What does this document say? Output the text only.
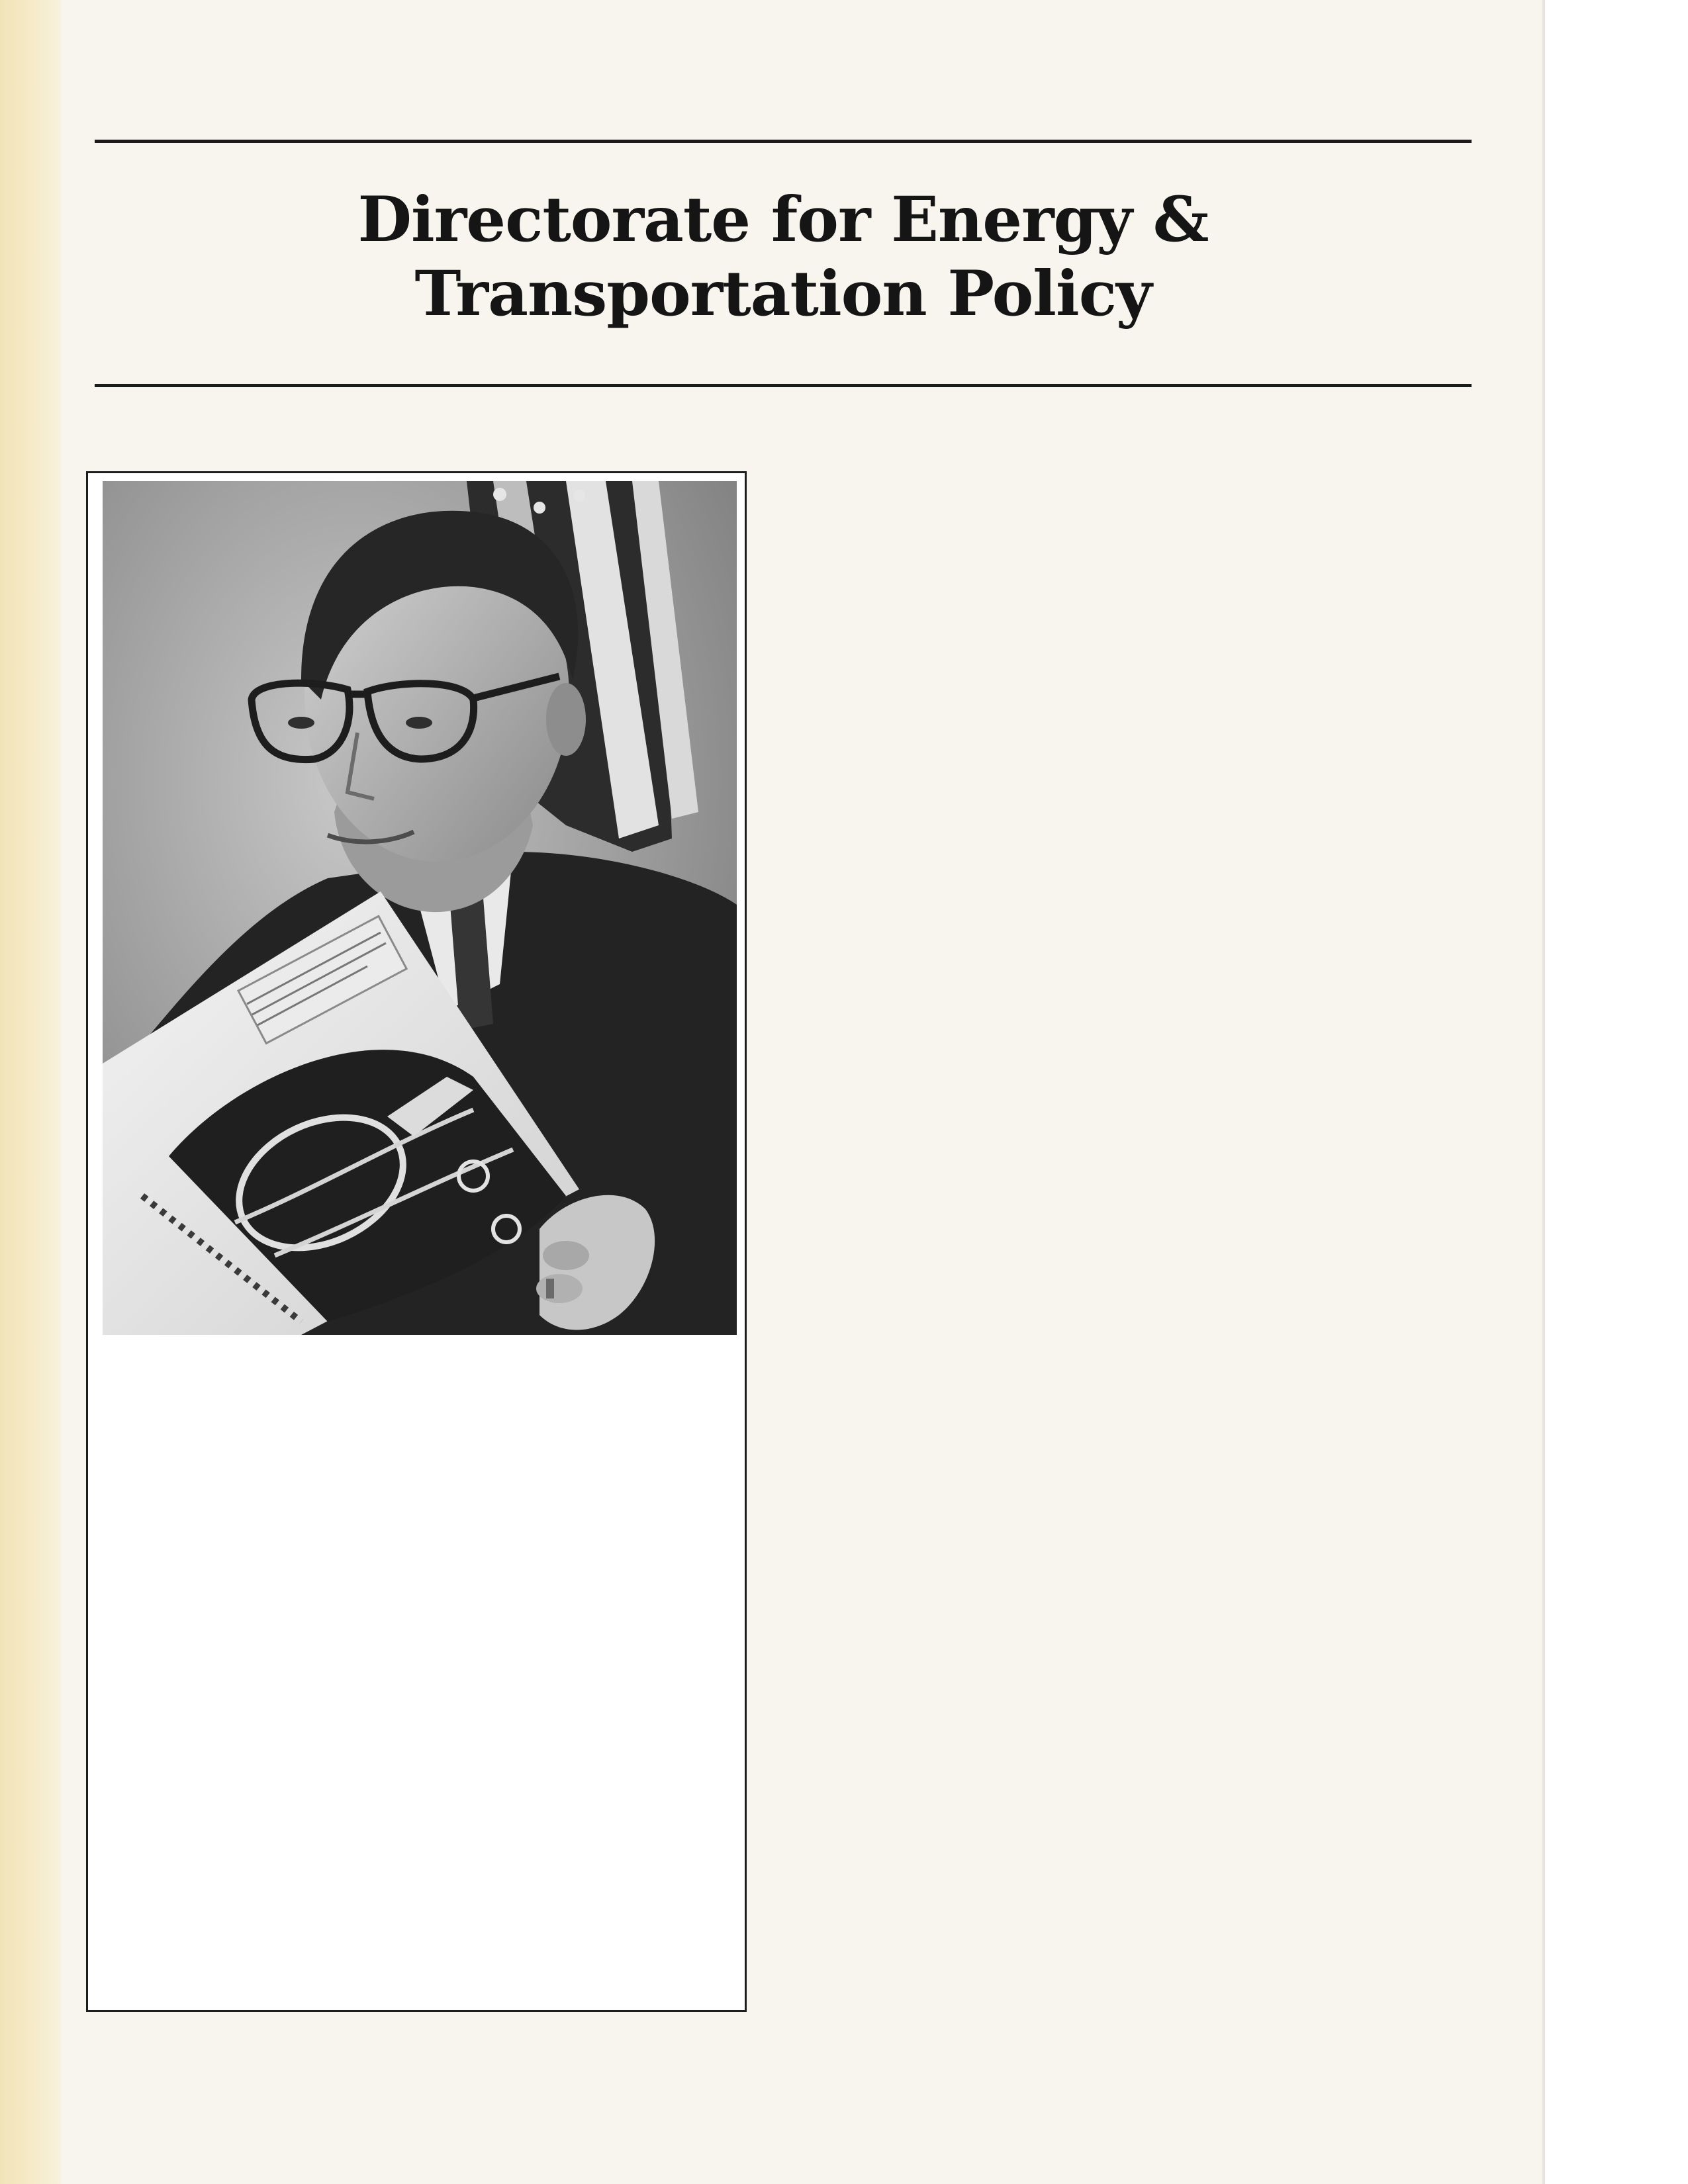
Directorate for Energy &
Transportation Policy
